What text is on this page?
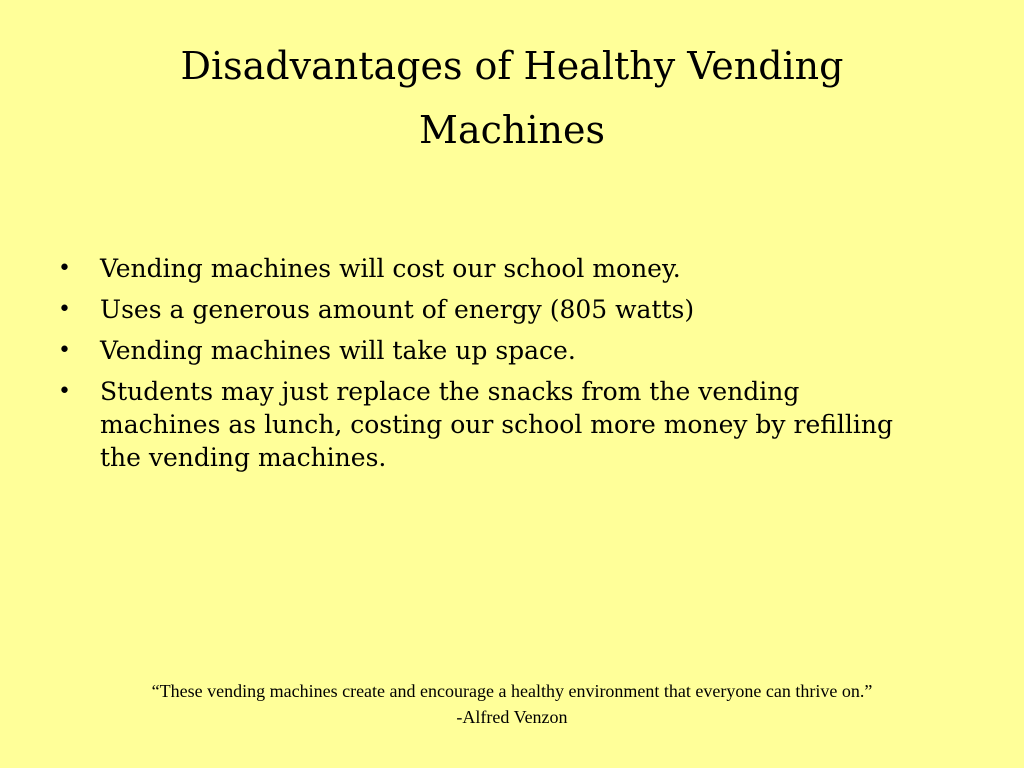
Disadvantages of Healthy Vending Machines
• Vending machines will cost our school money.
• Uses a generous amount of energy (805 watts)
• Vending machines will take up space.
• Students may just replace the snacks from the vending machines as lunch, costing our school more money by refilling the vending machines.
“These vending machines create and encourage a healthy environment that everyone can thrive on.”
-Alfred Venzon
